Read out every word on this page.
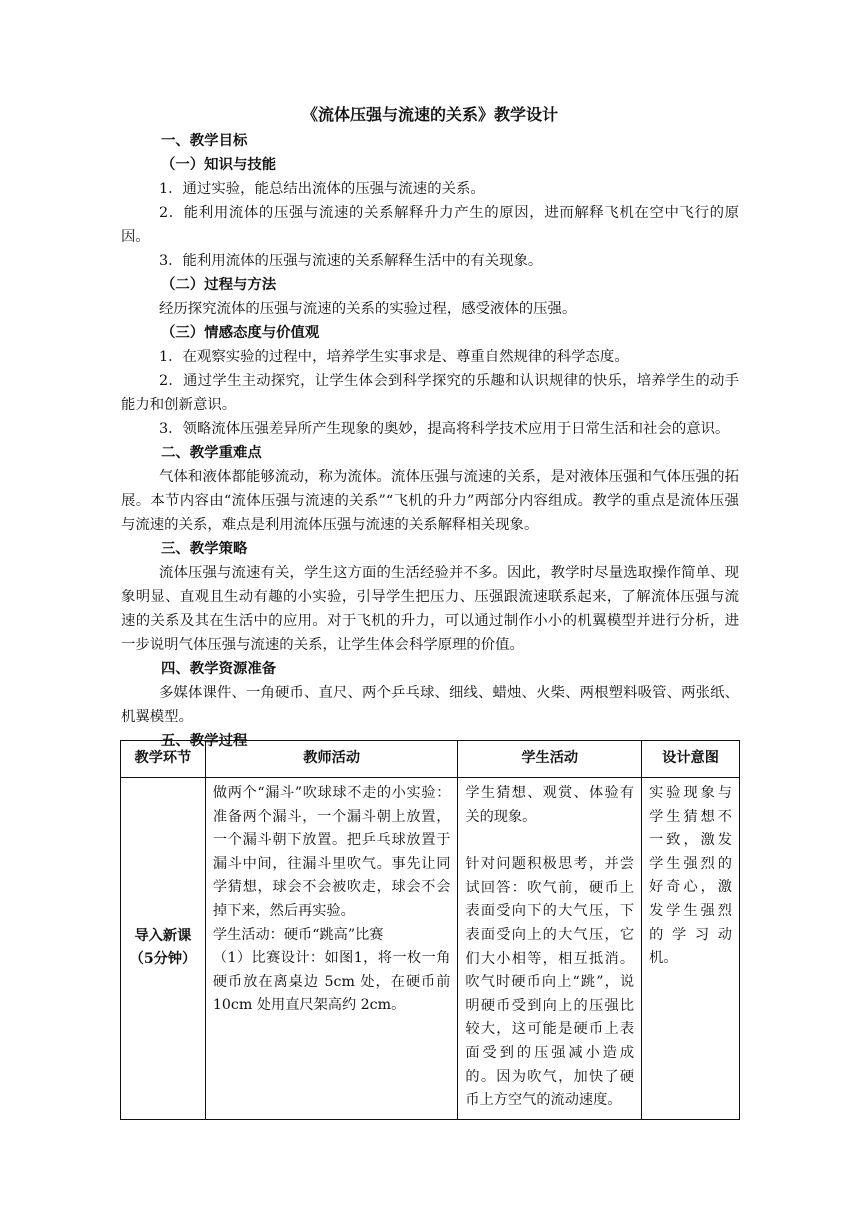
《流体压强与流速的关系》教学设计

一、教学目标

（一）知识与技能

1．通过实验，能总结出流体的压强与流速的关系。

2．能利用流体的压强与流速的关系解释升力产生的原因，进而解释飞机在空中飞行的原因。

3．能利用流体的压强与流速的关系解释生活中的有关现象。

（二）过程与方法

经历探究流体的压强与流速的关系的实验过程，感受液体的压强。

（三）情感态度与价值观

1．在观察实验的过程中，培养学生实事求是、尊重自然规律的科学态度。

2．通过学生主动探究，让学生体会到科学探究的乐趣和认识规律的快乐，培养学生的动手能力和创新意识。

3．领略流体压强差异所产生现象的奥妙，提高将科学技术应用于日常生活和社会的意识。

二、教学重难点

气体和液体都能够流动，称为流体。流体压强与流速的关系，是对液体压强和气体压强的拓展。本节内容由“流体压强与流速的关系”“飞机的升力”两部分内容组成。教学的重点是流体压强与流速的关系，难点是利用流体压强与流速的关系解释相关现象。

三、教学策略

流体压强与流速有关，学生这方面的生活经验并不多。因此，教学时尽量选取操作简单、现象明显、直观且生动有趣的小实验，引导学生把压力、压强跟流速联系起来，了解流体压强与流速的关系及其在生活中的应用。对于飞机的升力，可以通过制作小小的机翼模型并进行分析，进一步说明气体压强与流速的关系，让学生体会科学原理的价值。

四、教学资源准备

多媒体课件、一角硬币、直尺、两个乒乓球、细线、蜡烛、火柴、两根塑料吸管、两张纸、机翼模型。

五、教学过程

教学环节	教师活动	学生活动	设计意图

导入新课
（5分钟）	做两个“漏斗”吹球球不走的小实验：准备两个漏斗，一个漏斗朝上放置，一个漏斗朝下放置。把乒乓球放置于漏斗中间，往漏斗里吹气。事先让同学猜想，球会不会被吹走，球会不会掉下来，然后再实验。
学生活动：硬币“跳高”比赛
（1）比赛设计：如图1，将一枚一角硬币放在离桌边 5cm 处，在硬币前10cm 处用直尺架高约 2cm。	学生猜想、观赏、体验有关的现象。
针对问题积极思考，并尝试回答：吹气前，硬币上表面受向下的大气压，下表面受向上的大气压，它们大小相等，相互抵消。吹气时硬币向上“跳”，说明硬币受到向上的压强比较大，这可能是硬币上表面受到的压强减小造成的。因为吹气，加快了硬币上方空气的流动速度。	实验现象与学生猜想不一致，激发学生强烈的好奇心，激发学生强烈的学习动机。
